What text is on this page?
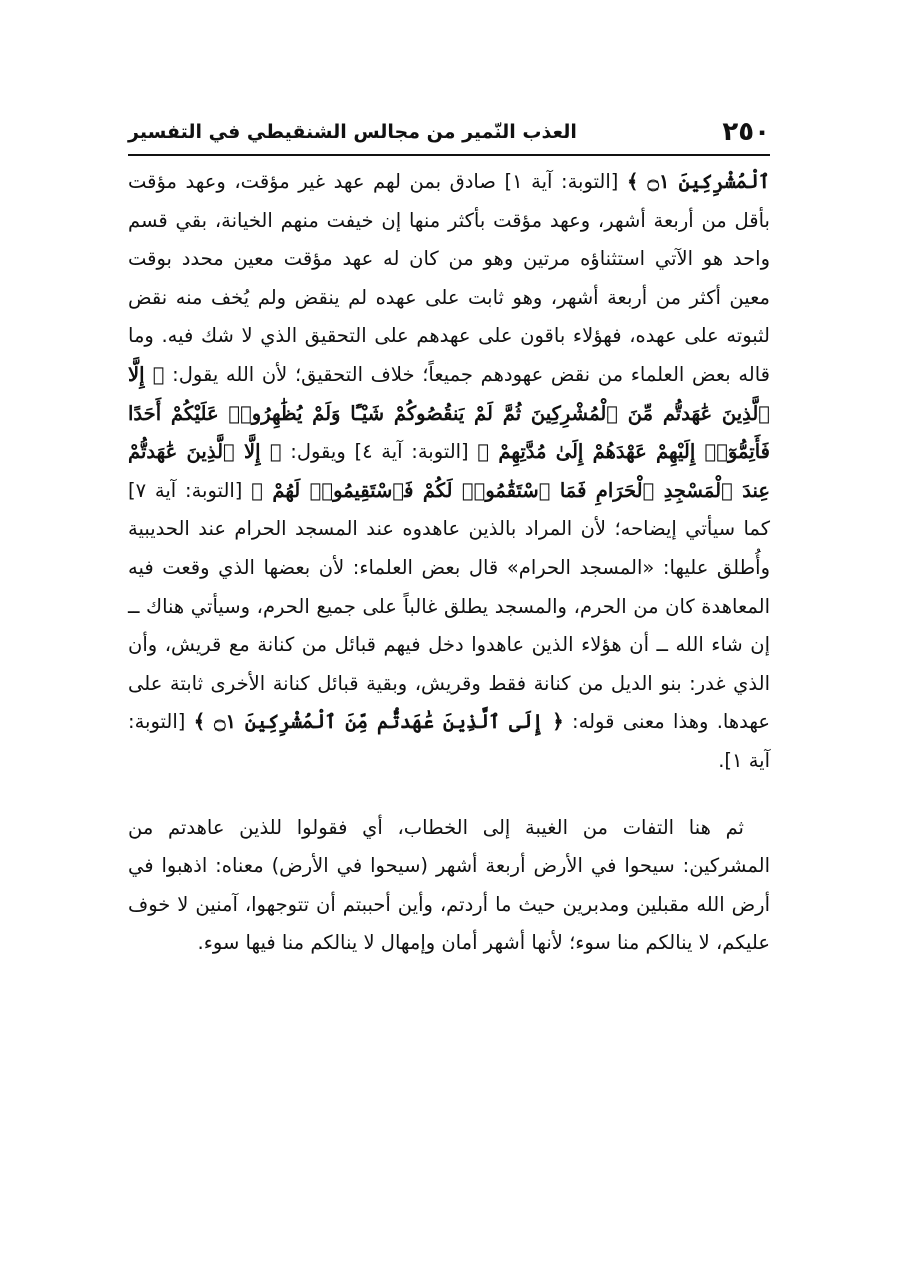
٢٥٠
العذب النّمير من مجالس الشنقيطي في التفسير

ٱلْمُشْرِكِينَ ۝١ ﴾ [التوبة: آية ١] صادق بمن لهم عهد غير مؤقت، وعهد مؤقت بأقل من أربعة أشهر، وعهد مؤقت بأكثر منها إن خيفت منهم الخيانة، بقي قسم واحد هو الآتي استثناؤه مرتين وهو من كان له عهد مؤقت معين محدد بوقت معين أكثر من أربعة أشهر، وهو ثابت على عهده لم ينقض ولم يُخف منه نقض لثبوته على عهده، فهؤلاء باقون على عهدهم على التحقيق الذي لا شك فيه. وما قاله بعض العلماء من نقض عهودهم جميعاً؛ خلاف التحقيق؛ لأن الله يقول: ﴿ إِلَّا ٱلَّذِينَ عَٰهَدتُّم مِّنَ ٱلْمُشْرِكِينَ ثُمَّ لَمْ يَنقُصُوكُمْ شَيْـًٔا وَلَمْ يُظَٰهِرُوا۟ عَلَيْكُمْ أَحَدًا فَأَتِمُّوٓا۟ إِلَيْهِمْ عَهْدَهُمْ إِلَىٰ مُدَّتِهِمْ ﴾ [التوبة: آية ٤] ويقول: ﴿ إِلَّا ٱلَّذِينَ عَٰهَدتُّمْ عِندَ ٱلْمَسْجِدِ ٱلْحَرَامِ فَمَا ٱسْتَقَٰمُوا۟ لَكُمْ فَٱسْتَقِيمُوا۟ لَهُمْ ﴾ [التوبة: آية ٧] كما سيأتي إيضاحه؛ لأن المراد بالذين عاهدوه عند المسجد الحرام عند الحديبية وأُطلق عليها: «المسجد الحرام» قال بعض العلماء: لأن بعضها الذي وقعت فيه المعاهدة كان من الحرم، والمسجد يطلق غالباً على جميع الحرم، وسيأتي هناك ــ إن شاء الله ــ أن هؤلاء الذين عاهدوا دخل فيهم قبائل من كنانة مع قريش، وأن الذي غدر: بنو الديل من كنانة فقط وقريش، وبقية قبائل كنانة الأخرى ثابتة على عهدها. وهذا معنى قوله: ﴿ إِلَى ٱلَّذِينَ عَٰهَدتُّم مِّنَ ٱلْمُشْرِكِينَ ۝١ ﴾ [التوبة: آية ١].

ثم هنا التفات من الغيبة إلى الخطاب، أي فقولوا للذين عاهدتم من المشركين: سيحوا في الأرض أربعة أشهر (سيحوا في الأرض) معناه: اذهبوا في أرض الله مقبلين ومدبرين حيث ما أردتم، وأين أحببتم أن تتوجهوا، آمنين لا خوف عليكم، لا ينالكم منا سوء؛ لأنها أشهر أمان وإمهال لا ينالكم منا فيها سوء.
